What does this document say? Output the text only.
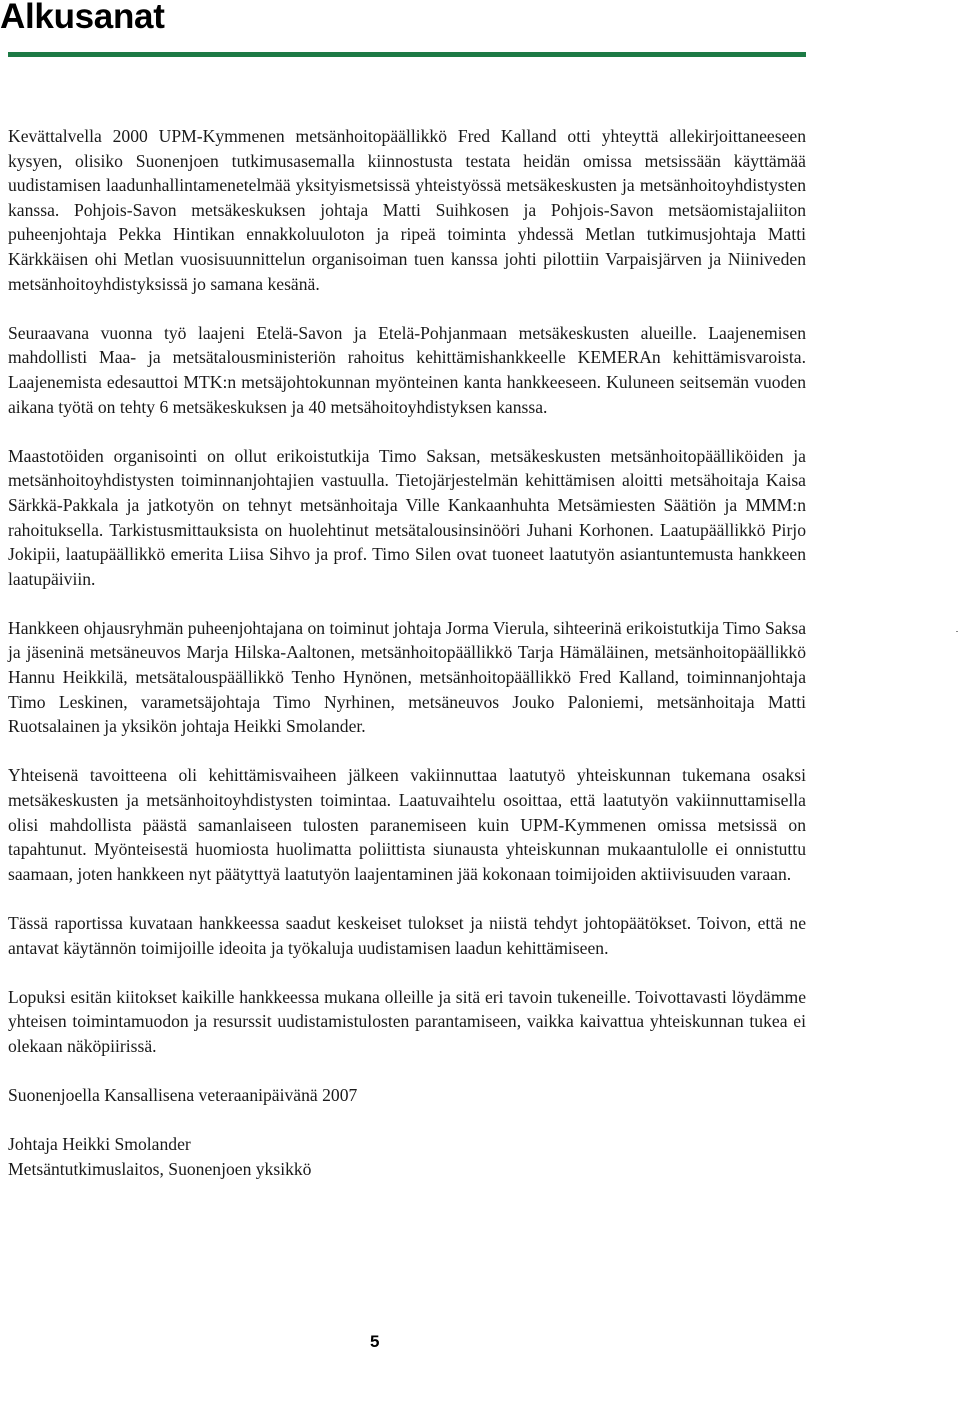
Alkusanat

Kevättalvella 2000 UPM-Kymmenen metsänhoitopäällikkö Fred Kalland otti yhteyttä allekirjoittaneeseen kysyen, olisiko Suonenjoen tutkimusasemalla kiinnostusta testata heidän omissa metsissään käyttämää uudistamisen laadunhallintamenetelmää yksityismetsissä yhteistyössä metsäkeskusten ja metsänhoitoyhdistysten kanssa. Pohjois-Savon metsäkeskuksen johtaja Matti Suihkosen ja Pohjois-Savon metsäomistajaliiton puheenjohtaja Pekka Hintikan ennakkoluuloton ja ripeä toiminta yhdessä Metlan tutkimusjohtaja Matti Kärkkäisen ohi Metlan vuosisuunnittelun organisoiman tuen kanssa johti pilottiin Varpaisjärven ja Niiniveden metsänhoitoyhdistyksissä jo samana kesänä.

Seuraavana vuonna työ laajeni Etelä-Savon ja Etelä-Pohjanmaan metsäkeskusten alueille. Laajenemisen mahdollisti Maa- ja metsätalousministeriön rahoitus kehittämishankkeelle KEMERAn kehittämisvaroista. Laajenemista edesauttoi MTK:n metsäjohtokunnan myönteinen kanta hankkeeseen. Kuluneen seitsemän vuoden aikana työtä on tehty 6 metsäkeskuksen ja 40 metsähoitoyhdistyksen kanssa.

Maastotöiden organisointi on ollut erikoistutkija Timo Saksan, metsäkeskusten metsänhoitopäälliköiden ja metsänhoitoyhdistysten toiminnanjohtajien vastuulla. Tietojärjestelmän kehittämisen aloitti metsähoitaja Kaisa Särkkä-Pakkala ja jatkotyön on tehnyt metsänhoitaja Ville Kankaanhuhta Metsämiesten Säätiön ja MMM:n rahoituksella. Tarkistusmittauksista on huolehtinut metsätalousinsinööri Juhani Korhonen. Laatupäällikkö Pirjo Jokipii, laatupäällikkö emerita Liisa Sihvo ja prof. Timo Silen ovat tuoneet laatutyön asiantuntemusta hankkeen laatupäiviin.

Hankkeen ohjausryhmän puheenjohtajana on toiminut johtaja Jorma Vierula, sihteerinä erikoistutkija Timo Saksa ja jäseninä metsäneuvos Marja Hilska-Aaltonen, metsänhoitopäällikkö Tarja Hämäläinen, metsänhoitopäällikkö Hannu Heikkilä, metsätalouspäällikkö Tenho Hynönen, metsänhoitopäällikkö Fred Kalland, toiminnanjohtaja Timo Leskinen, varametsäjohtaja Timo Nyrhinen, metsäneuvos Jouko Paloniemi, metsänhoitaja Matti Ruotsalainen ja yksikön johtaja Heikki Smolander.

Yhteisenä tavoitteena oli kehittämisvaiheen jälkeen vakiinnuttaa laatutyö yhteiskunnan tukemana osaksi metsäkeskusten ja metsänhoitoyhdistysten toimintaa. Laatuvaihtelu osoittaa, että laatutyön vakiinnuttamisella olisi mahdollista päästä samanlaiseen tulosten paranemiseen kuin UPM-Kymmenen omissa metsissä on tapahtunut. Myönteisestä huomiosta huolimatta poliittista siunausta yhteiskunnan mukaantulolle ei onnistuttu saamaan, joten hankkeen nyt päätyttyä laatutyön laajentaminen jää kokonaan toimijoiden aktiivisuuden varaan.

Tässä raportissa kuvataan hankkeessa saadut keskeiset tulokset ja niistä tehdyt johtopäätökset. Toivon, että ne antavat käytännön toimijoille ideoita ja työkaluja uudistamisen laadun kehittämiseen.

Lopuksi esitän kiitokset kaikille hankkeessa mukana olleille ja sitä eri tavoin tukeneille. Toivottavasti löydämme yhteisen toimintamuodon ja resurssit uudistamistulosten parantamiseen, vaikka kaivattua yhteiskunnan tukea ei olekaan näköpiirissä.

Suonenjoella Kansallisena veteraanipäivänä 2007

Johtaja Heikki Smolander

Metsäntutkimuslaitos, Suonenjoen yksikkö

5
